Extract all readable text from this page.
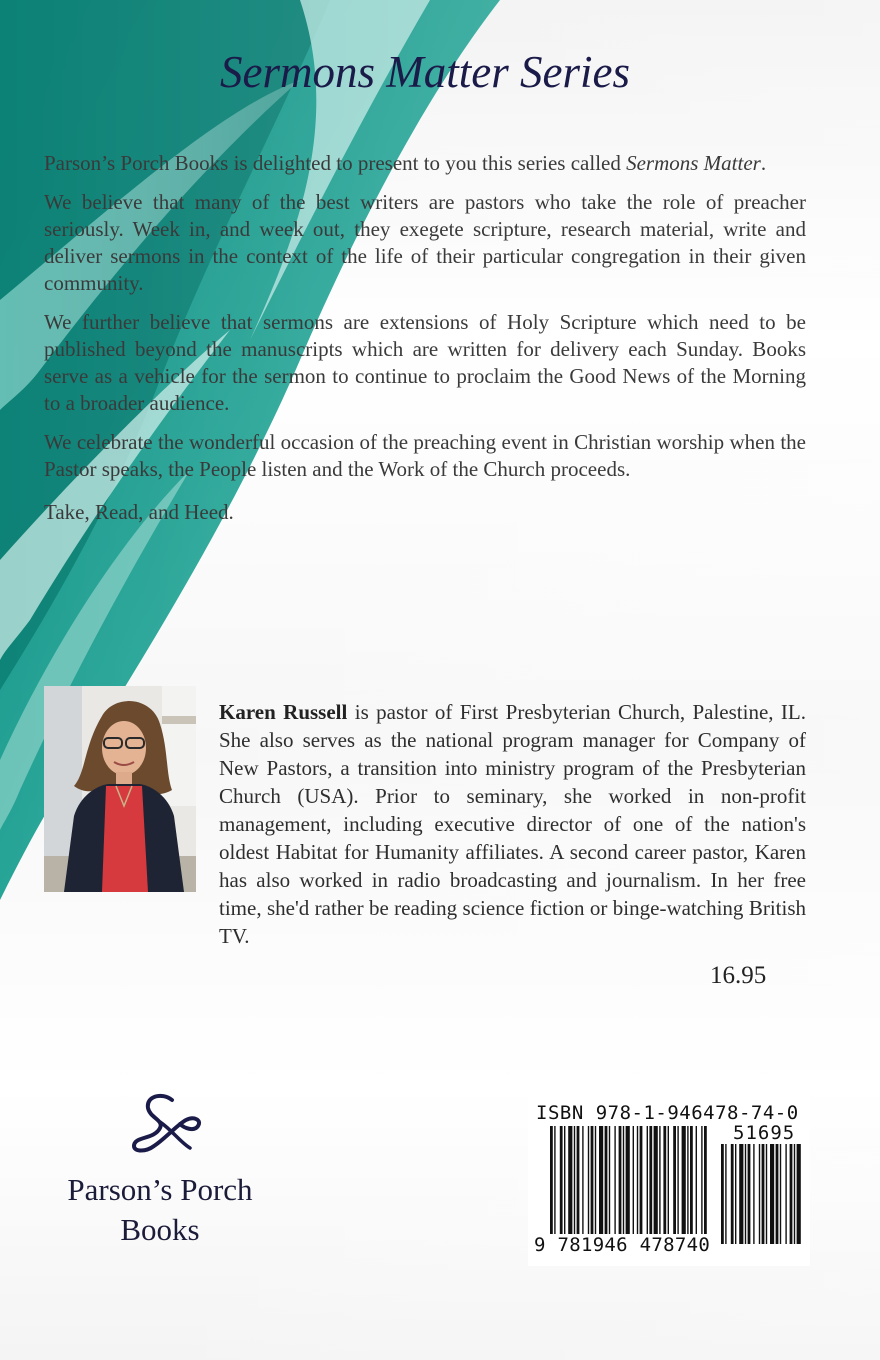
Sermons Matter Series

Parson’s Porch Books is delighted to present to you this series called Sermons Matter.

We believe that many of the best writers are pastors who take the role of preacher seriously. Week in, and week out, they exegete scripture, research material, write and deliver sermons in the context of the life of their particular congregation in their given community.

We further believe that sermons are extensions of Holy Scripture which need to be published beyond the manuscripts which are written for delivery each Sunday. Books serve as a vehicle for the sermon to continue to proclaim the Good News of the Morning to a broader audience.

We celebrate the wonderful occasion of the preaching event in Christian worship when the Pastor speaks, the People listen and the Work of the Church proceeds.

Take, Read, and Heed.

Karen Russell is pastor of First Presbyterian Church, Palestine, IL. She also serves as the national program manager for Company of New Pastors, a transition into ministry program of the Presbyterian Church (USA). Prior to seminary, she worked in non-profit management, including executive director of one of the nation's oldest Habitat for Humanity affiliates. A second career pastor, Karen has also worked in radio broadcasting and journalism. In her free time, she'd rather be reading science fiction or binge-watching British TV.

16.95
Parson’s Porch
Books
ISBN 978-1-946478-74-0
51695
9 781946 478740
